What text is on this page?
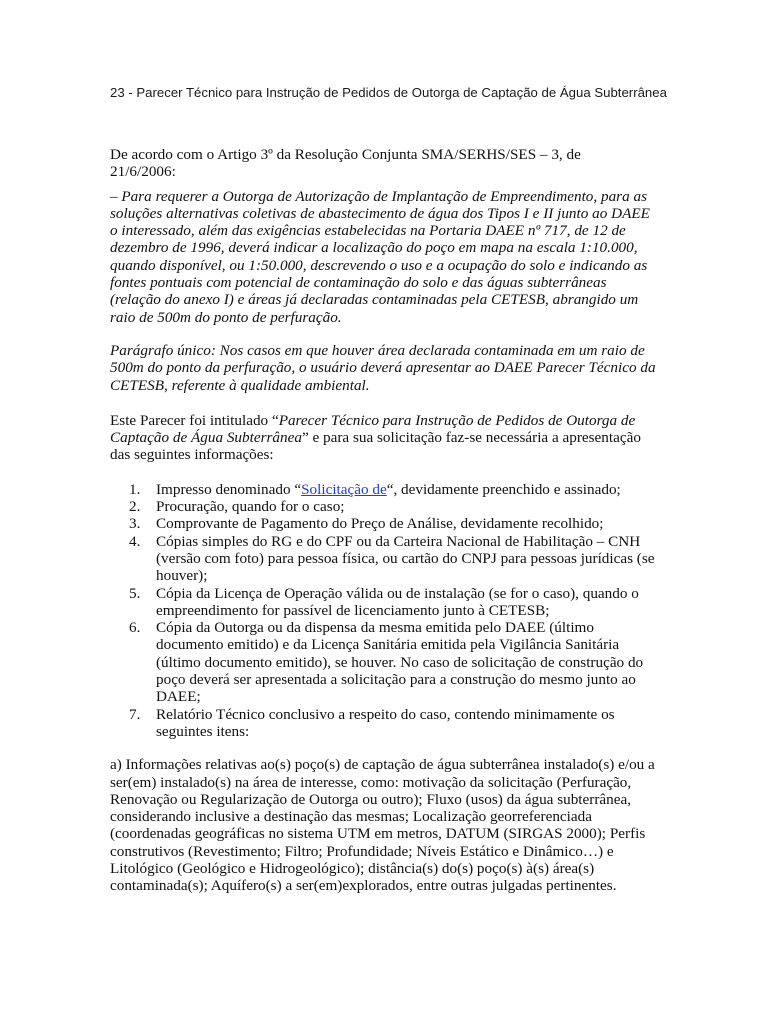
23 - Parecer Técnico para Instrução de Pedidos de Outorga de Captação de Água Subterrânea

De acordo com o Artigo 3º da Resolução Conjunta SMA/SERHS/SES – 3, de
21/6/2006:

– Para requerer a Outorga de Autorização de Implantação de Empreendimento, para as soluções alternativas coletivas de abastecimento de água dos Tipos I e II junto ao DAEE o interessado, além das exigências estabelecidas na Portaria DAEE nº 717, de 12 de dezembro de 1996, deverá indicar a localização do poço em mapa na escala 1:10.000, quando disponível, ou 1:50.000, descrevendo o uso e a ocupação do solo e indicando as fontes pontuais com potencial de contaminação do solo e das águas subterrâneas (relação do anexo I) e áreas já declaradas contaminadas pela CETESB, abrangido um raio de 500m do ponto de perfuração.

Parágrafo único: Nos casos em que houver área declarada contaminada em um raio de 500m do ponto da perfuração, o usuário deverá apresentar ao DAEE Parecer Técnico da CETESB, referente à qualidade ambiental.

Este Parecer foi intitulado “Parecer Técnico para Instrução de Pedidos de Outorga de Captação de Água Subterrânea” e para sua solicitação faz-se necessária a apresentação das seguintes informações:

1.	Impresso denominado “Solicitação de“, devidamente preenchido e assinado;
2.	Procuração, quando for o caso;
3.	Comprovante de Pagamento do Preço de Análise, devidamente recolhido;
4.	Cópias simples do RG e do CPF ou da Carteira Nacional de Habilitação – CNH (versão com foto) para pessoa física, ou cartão do CNPJ para pessoas jurídicas (se houver);
5.	Cópia da Licença de Operação válida ou de instalação (se for o caso), quando o empreendimento for passível de licenciamento junto à CETESB;
6.	Cópia da Outorga ou da dispensa da mesma emitida pelo DAEE (último documento emitido) e da Licença Sanitária emitida pela Vigilância Sanitária (último documento emitido), se houver. No caso de solicitação de construção do poço deverá ser apresentada a solicitação para a construção do mesmo junto ao DAEE;
7.	Relatório Técnico conclusivo a respeito do caso, contendo minimamente os seguintes itens:

a) Informações relativas ao(s) poço(s) de captação de água subterrânea instalado(s) e/ou a ser(em) instalado(s) na área de interesse, como: motivação da solicitação (Perfuração, Renovação ou Regularização de Outorga ou outro); Fluxo (usos) da água subterrânea, considerando inclusive a destinação das mesmas; Localização georreferenciada (coordenadas geográficas no sistema UTM em metros, DATUM (SIRGAS 2000); Perfis construtivos (Revestimento; Filtro; Profundidade; Níveis Estático e Dinâmico…) e Litológico (Geológico e Hidrogeológico); distância(s) do(s) poço(s) à(s) área(s) contaminada(s); Aquífero(s) a ser(em)explorados, entre outras julgadas pertinentes.
